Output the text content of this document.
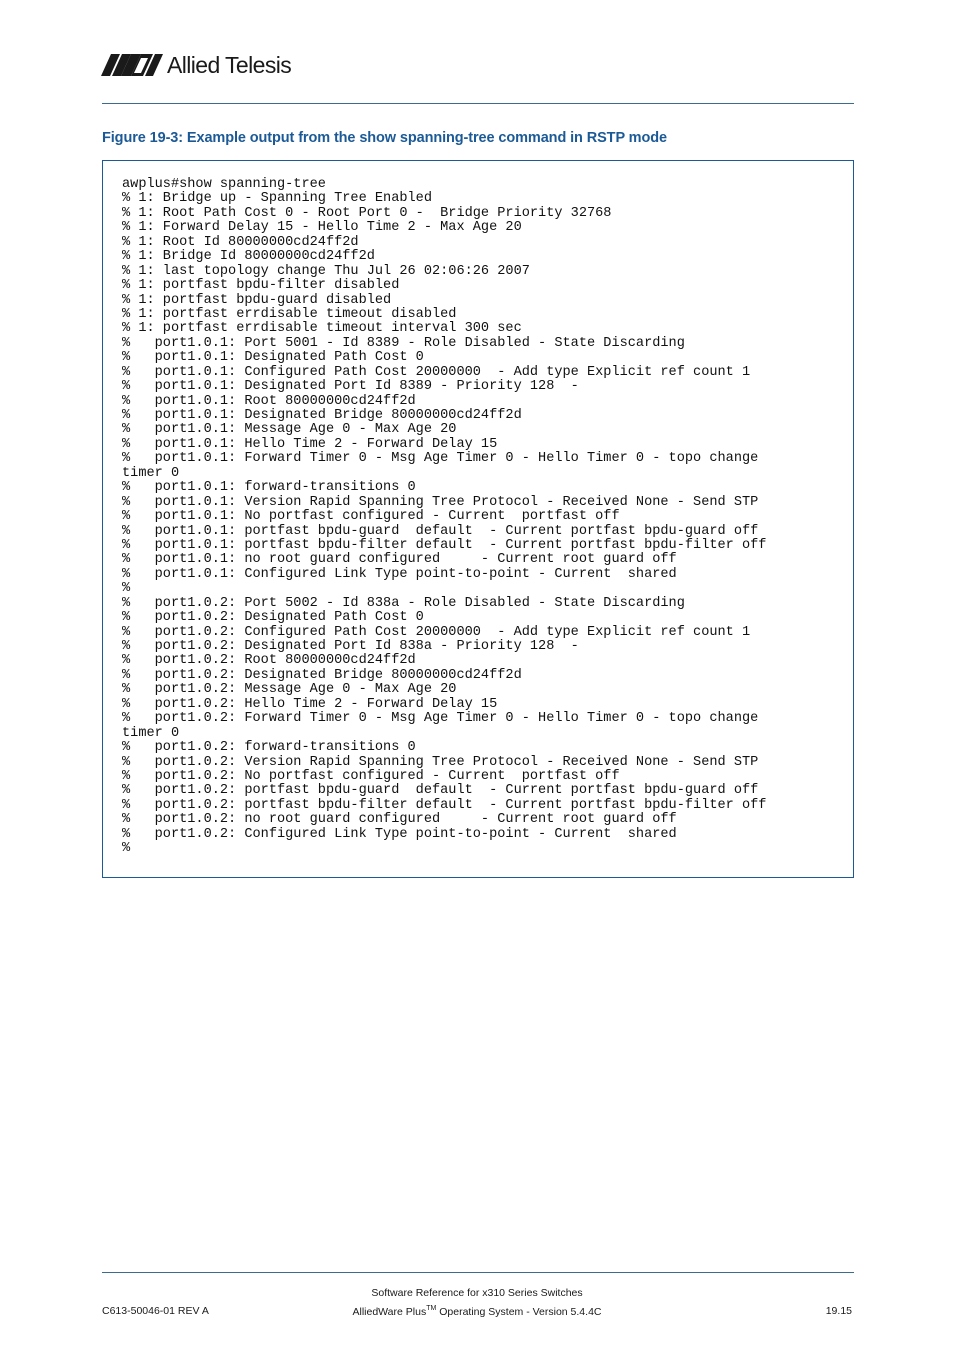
Allied Telesis
Figure 19-3: Example output from the show spanning-tree command in RSTP mode
awplus#show spanning-tree
% 1: Bridge up - Spanning Tree Enabled
% 1: Root Path Cost 0 - Root Port 0 -  Bridge Priority 32768
% 1: Forward Delay 15 - Hello Time 2 - Max Age 20
% 1: Root Id 80000000cd24ff2d
% 1: Bridge Id 80000000cd24ff2d
% 1: last topology change Thu Jul 26 02:06:26 2007
% 1: portfast bpdu-filter disabled
% 1: portfast bpdu-guard disabled
% 1: portfast errdisable timeout disabled
% 1: portfast errdisable timeout interval 300 sec
%   port1.0.1: Port 5001 - Id 8389 - Role Disabled - State Discarding
%   port1.0.1: Designated Path Cost 0
%   port1.0.1: Configured Path Cost 20000000  - Add type Explicit ref count 1
%   port1.0.1: Designated Port Id 8389 - Priority 128  -
%   port1.0.1: Root 80000000cd24ff2d
%   port1.0.1: Designated Bridge 80000000cd24ff2d
%   port1.0.1: Message Age 0 - Max Age 20
%   port1.0.1: Hello Time 2 - Forward Delay 15
%   port1.0.1: Forward Timer 0 - Msg Age Timer 0 - Hello Timer 0 - topo change
timer 0
%   port1.0.1: forward-transitions 0
%   port1.0.1: Version Rapid Spanning Tree Protocol - Received None - Send STP
%   port1.0.1: No portfast configured - Current  portfast off
%   port1.0.1: portfast bpdu-guard  default  - Current portfast bpdu-guard off
%   port1.0.1: portfast bpdu-filter default  - Current portfast bpdu-filter off
%   port1.0.1: no root guard configured     - Current root guard off
%   port1.0.1: Configured Link Type point-to-point - Current  shared
%
%   port1.0.2: Port 5002 - Id 838a - Role Disabled - State Discarding
%   port1.0.2: Designated Path Cost 0
%   port1.0.2: Configured Path Cost 20000000  - Add type Explicit ref count 1
%   port1.0.2: Designated Port Id 838a - Priority 128  -
%   port1.0.2: Root 80000000cd24ff2d
%   port1.0.2: Designated Bridge 80000000cd24ff2d
%   port1.0.2: Message Age 0 - Max Age 20
%   port1.0.2: Hello Time 2 - Forward Delay 15
%   port1.0.2: Forward Timer 0 - Msg Age Timer 0 - Hello Timer 0 - topo change
timer 0
%   port1.0.2: forward-transitions 0
%   port1.0.2: Version Rapid Spanning Tree Protocol - Received None - Send STP
%   port1.0.2: No portfast configured - Current  portfast off
%   port1.0.2: portfast bpdu-guard  default  - Current portfast bpdu-guard off
%   port1.0.2: portfast bpdu-filter default  - Current portfast bpdu-filter off
%   port1.0.2: no root guard configured     - Current root guard off
%   port1.0.2: Configured Link Type point-to-point - Current  shared
%
Software Reference for x310 Series Switches
AlliedWare Plus™ Operating System - Version 5.4.4C
C613-50046-01 REV A	19.15
